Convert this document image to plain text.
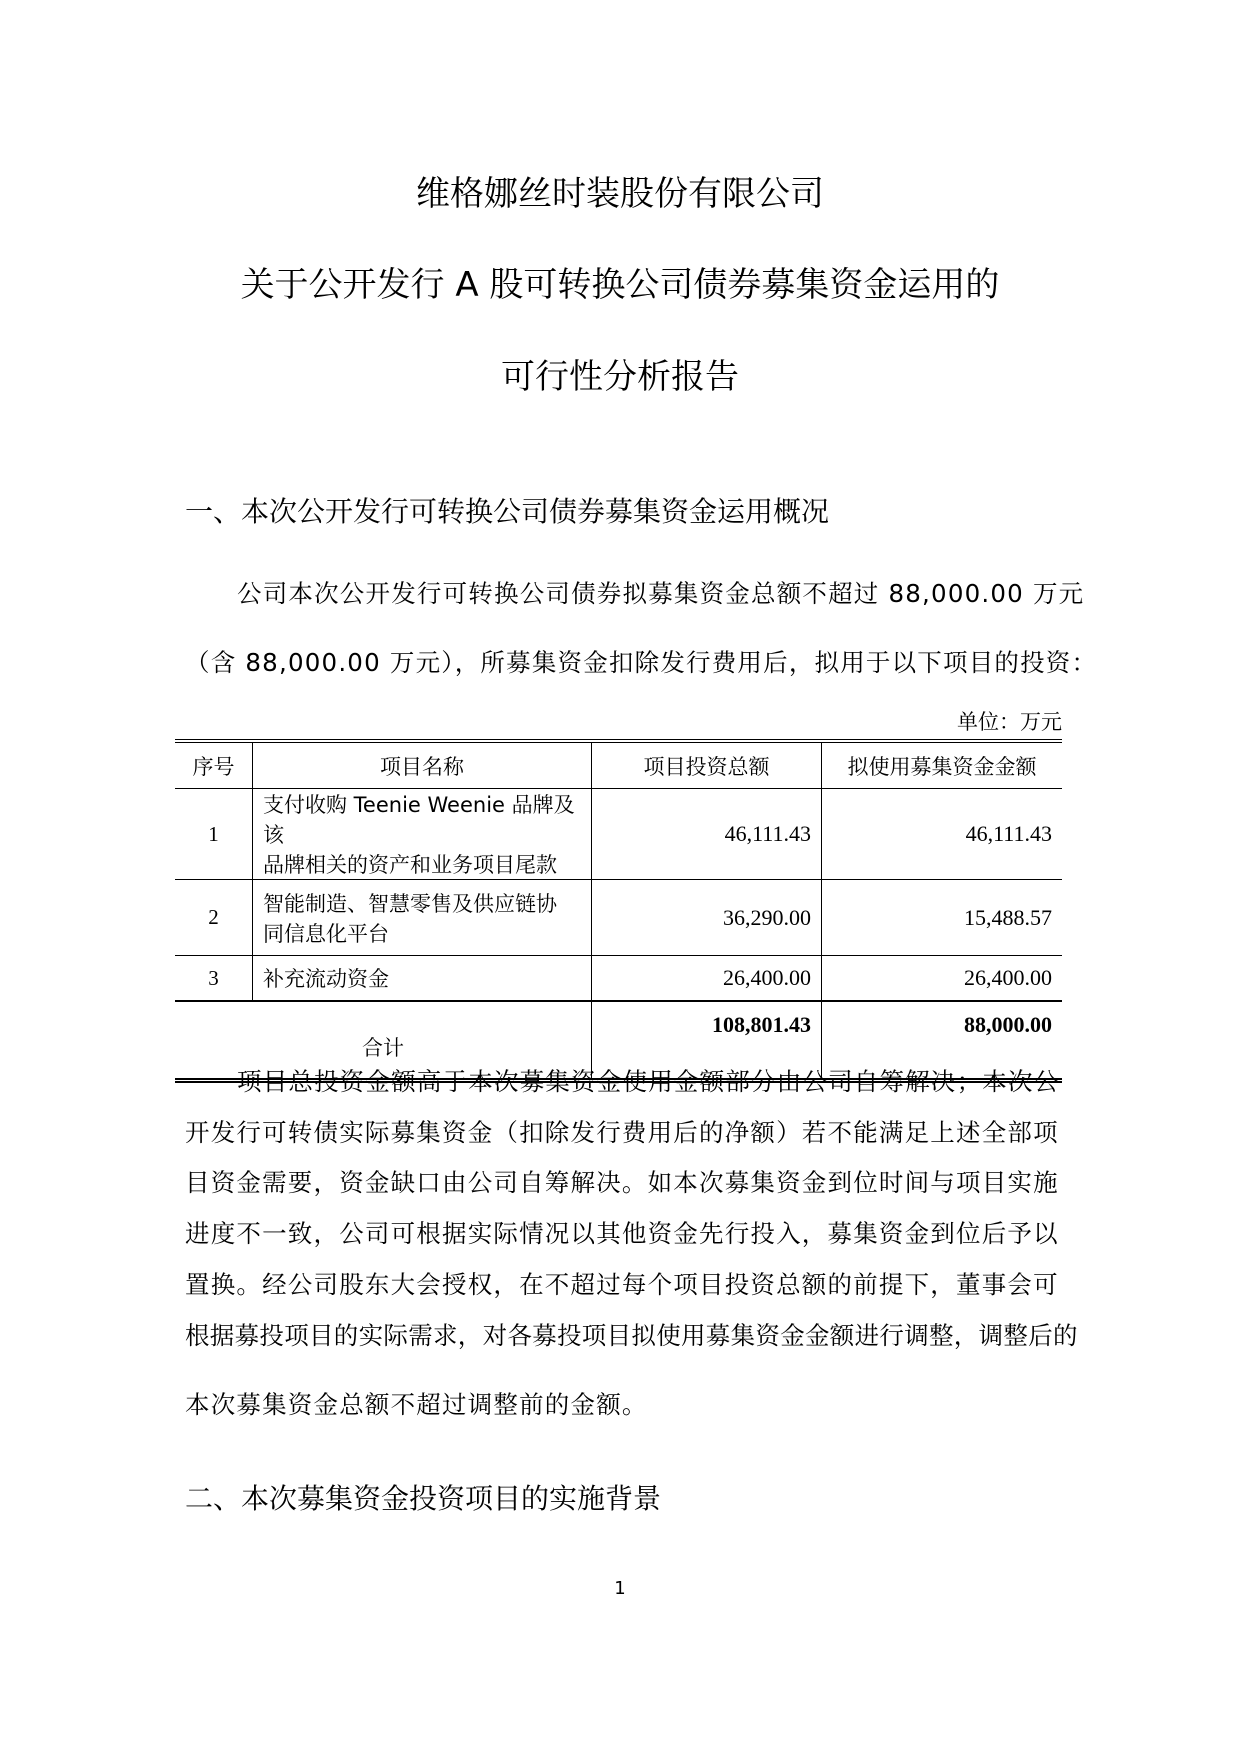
维格娜丝时装股份有限公司
关于公开发行 A 股可转换公司债券募集资金运用的
可行性分析报告
一、本次公开发行可转换公司债券募集资金运用概况
公司本次公开发行可转换公司债券拟募集资金总额不超过 88,000.00 万元
（含 88,000.00 万元），所募集资金扣除发行费用后，拟用于以下项目的投资：
单位：万元
序号	项目名称	项目投资总额	拟使用募集资金金额
1	支付收购 Teenie Weenie 品牌及该
品牌相关的资产和业务项目尾款	46,111.43	46,111.43
2	智能制造、智慧零售及供应链协
同信息化平台	36,290.00	15,488.57
3	补充流动资金	26,400.00	26,400.00
合计		108,801.43	88,000.00
项目总投资金额高于本次募集资金使用金额部分由公司自筹解决；本次公
开发行可转债实际募集资金（扣除发行费用后的净额）若不能满足上述全部项
目资金需要，资金缺口由公司自筹解决。如本次募集资金到位时间与项目实施
进度不一致，公司可根据实际情况以其他资金先行投入，募集资金到位后予以
置换。经公司股东大会授权，在不超过每个项目投资总额的前提下，董事会可
根据募投项目的实际需求，对各募投项目拟使用募集资金金额进行调整，调整后的
本次募集资金总额不超过调整前的金额。
二、本次募集资金投资项目的实施背景
1
